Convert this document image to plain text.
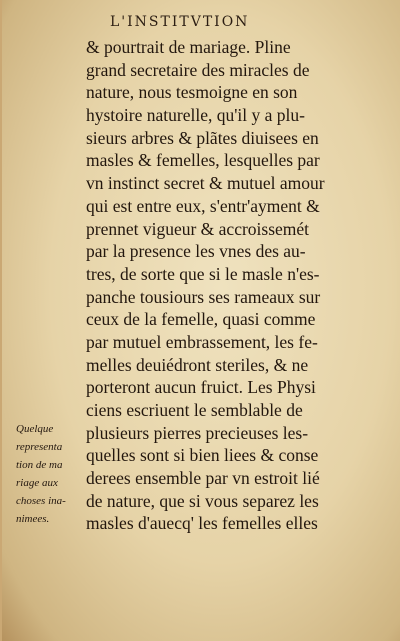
L'INSTITVTION
& pourtrait de mariage. Pline
grand secretaire des miracles de
nature, nous tesmoigne en son
hystoire naturelle, qu'il y a plu-
sieurs arbres & plãtes diuisees en
masles & femelles, lesquelles par
vn instinct secret & mutuel amour
qui est entre eux, s'entr'ayment &
prennet vigueur & accroissemét
par la presence les vnes des au-
tres, de sorte que si le masle n'es-
panche tousiours ses rameaux sur
ceux de la femelle, quasi comme
par mutuel embrassement, les fe-
melles deuiédront steriles, & ne
porteront aucun fruict. Les Physi
ciens escriuent le semblable de
plusieurs pierres precieuses les-
quelles sont si bien liees & conse
derees ensemble par vn estroit lié
de nature, que si vous separez les
masles d'auecq' les femelles elles
Quelque
representa
tion de ma
riage aux
choses ina-
nimees.
